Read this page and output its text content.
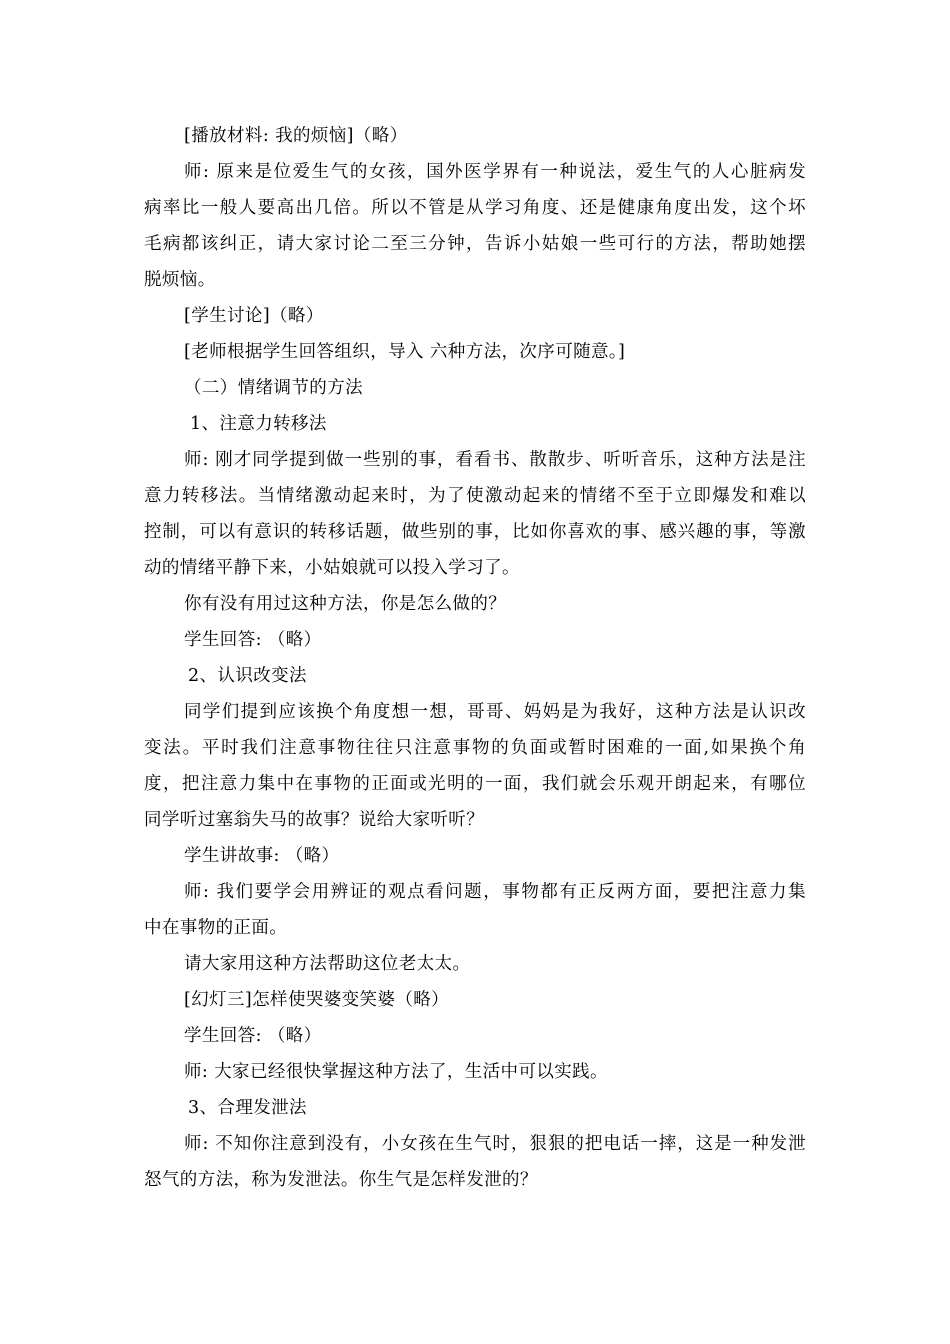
[播放材料: 我的烦恼]（略）
师: 原来是位爱生气的女孩，国外医学界有一种说法，爱生气的人心脏病发
病率比一般人要高出几倍。所以不管是从学习角度、还是健康角度出发，这个坏
毛病都该纠正，请大家讨论二至三分钟，告诉小姑娘一些可行的方法，帮助她摆
脱烦恼。
[学生讨论]（略）
[老师根据学生回答组织，导入 六种方法，次序可随意。]
（二）情绪调节的方法
1、注意力转移法
师: 刚才同学提到做一些别的事，看看书、散散步、听听音乐，这种方法是注
意力转移法。当情绪激动起来时，为了使激动起来的情绪不至于立即爆发和难以
控制，可以有意识的转移话题，做些别的事，比如你喜欢的事、感兴趣的事，等激
动的情绪平静下来，小姑娘就可以投入学习了。
你有没有用过这种方法，你是怎么做的？
学生回答: （略）
2、认识改变法
同学们提到应该换个角度想一想，哥哥、妈妈是为我好，这种方法是认识改
变法。平时我们注意事物往往只注意事物的负面或暂时困难的一面,如果换个角
度，把注意力集中在事物的正面或光明的一面，我们就会乐观开朗起来，有哪位
同学听过塞翁失马的故事？说给大家听听？
学生讲故事: （略）
师: 我们要学会用辨证的观点看问题，事物都有正反两方面，要把注意力集
中在事物的正面。
请大家用这种方法帮助这位老太太。
[幻灯三]怎样使哭婆变笑婆（略）
学生回答: （略）
师: 大家已经很快掌握这种方法了，生活中可以实践。
3、合理发泄法
师: 不知你注意到没有，小女孩在生气时，狠狠的把电话一摔，这是一种发泄
怒气的方法，称为发泄法。你生气是怎样发泄的？
